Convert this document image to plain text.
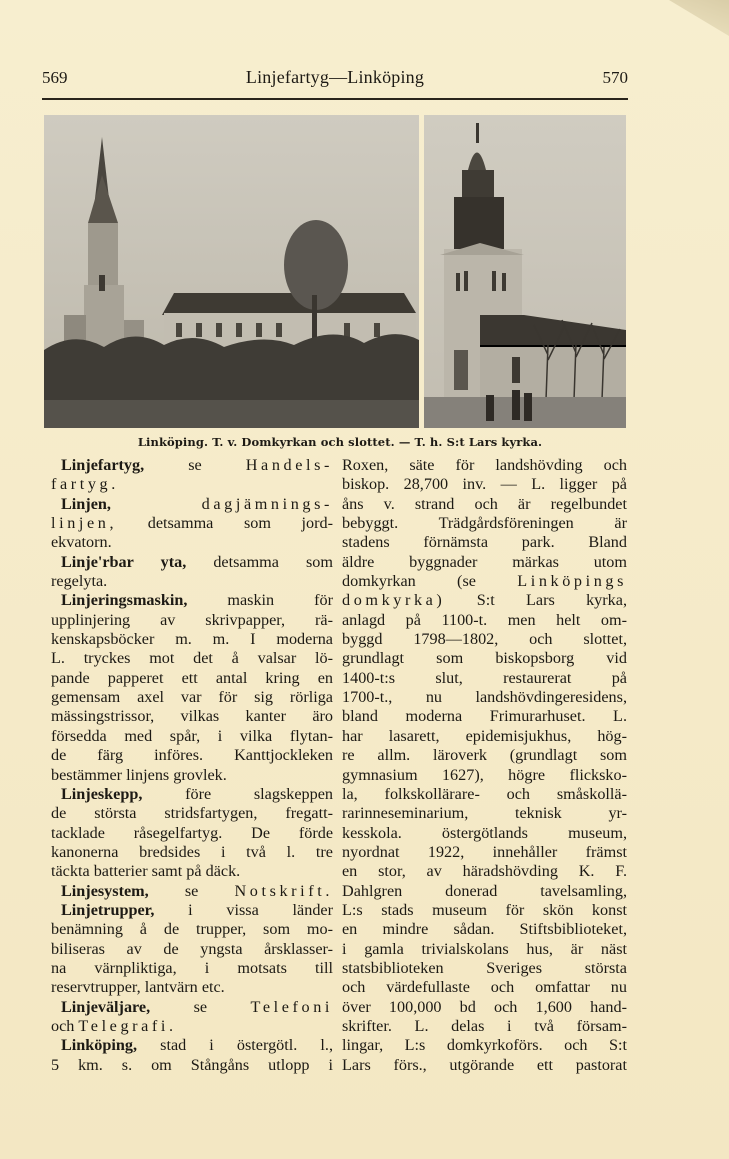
569	Linjefartyg—Linköping	570
Linköping. T. v. Domkyrkan och slottet. — T. h. S:t Lars kyrka.
Linjefartyg, se Handels-
fartyg.
Linjen,	dagjämnings-
linjen, detsamma som jord-
ekvatorn.
Linje'rbar yta, detsamma som
regelyta.
Linjeringsmaskin, maskin för
upplinjering av skrivpapper, rä-
kenskapsböcker m. m. I moderna
L. tryckes mot det å valsar lö-
pande papperet ett antal kring en
gemensam axel var för sig rörliga
mässingstrissor, vilkas kanter äro
försedda med spår, i vilka flytan-
de färg införes. Kanttjockleken
bestämmer linjens grovlek.
Linjeskepp, före slagskeppen
de största stridsfartygen, fregatt-
tacklade råsegelfartyg. De förde
kanonerna bredsides i två l. tre
täckta batterier samt på däck.
Linjesystem, se Notskrift.
Linjetrupper, i vissa länder
benämning å de trupper, som mo-
biliseras av de yngsta årsklasser-
na värnpliktiga, i motsats till
reservtrupper, lantvärn etc.
Linjeväljare, se Telefoni
och Telegrafi.
Linköping, stad i östergötl. l.,
5 km. s. om Stångåns utlopp i
Roxen, säte för landshövding och
biskop. 28,700 inv. — L. ligger på
åns v. strand och är regelbundet
bebyggt. Trädgårdsföreningen är
stadens förnämsta park. Bland
äldre byggnader märkas utom
domkyrkan (se Linköpings
domkyrka) S:t Lars kyrka,
anlagd på 1100-t. men helt om-
byggd 1798—1802, och slottet,
grundlagt som biskopsborg vid
1400-t:s slut, restaurerat på
1700-t., nu landshövdingeresidens,
bland moderna Frimurarhuset. L.
har lasarett, epidemisjukhus, hög-
re allm. läroverk (grundlagt som
gymnasium 1627), högre flicksko-
la, folkskollärare- och småskollä-
rarinneseminarium, teknisk yr-
kesskola. östergötlands museum,
nyordnat 1922, innehåller främst
en stor, av häradshövding K. F.
Dahlgren donerad tavelsamling,
L:s stads museum för skön konst
en mindre sådan. Stiftsbiblioteket,
i gamla trivialskolans hus, är näst
statsbiblioteken Sveriges största
och värdefullaste och omfattar nu
över 100,000 bd och 1,600 hand-
skrifter. L. delas i två försam-
lingar, L:s domkyrkoförs. och S:t
Lars förs., utgörande ett pastorat
